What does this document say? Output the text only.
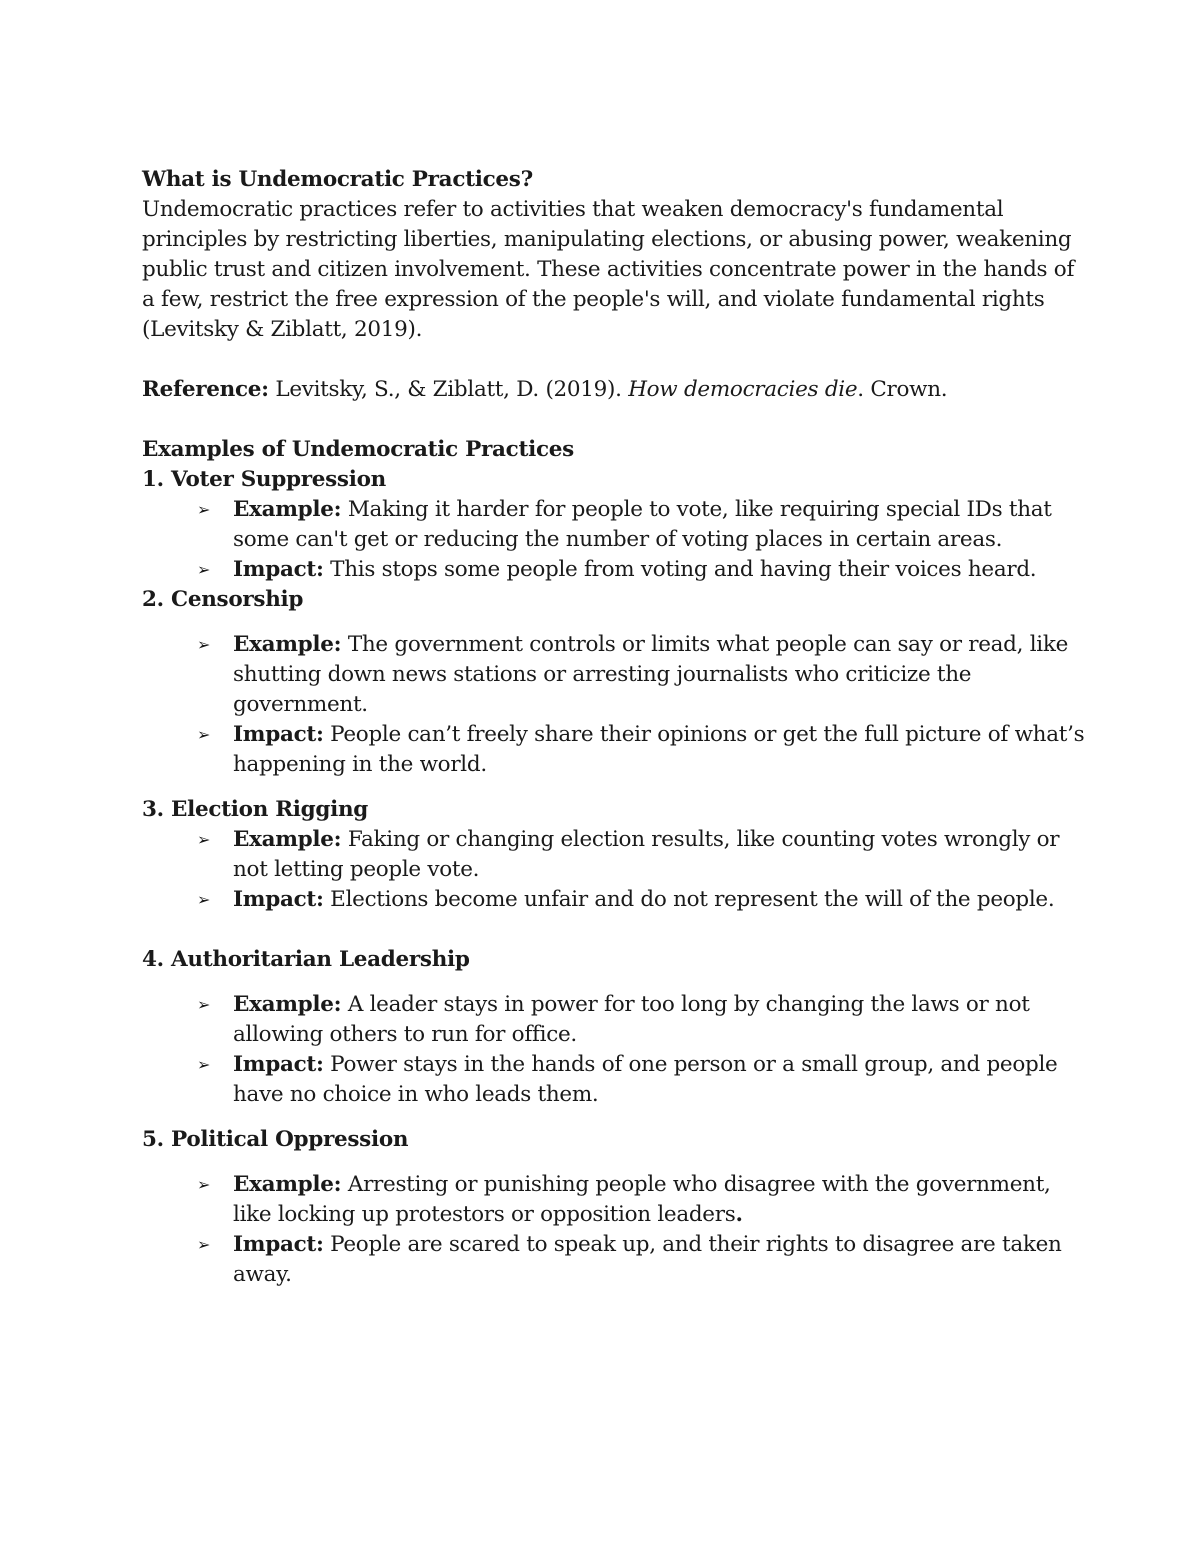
What is Undemocratic Practices?

Undemocratic practices refer to activities that weaken democracy's fundamental principles by restricting liberties, manipulating elections, or abusing power, weakening public trust and citizen involvement. These activities concentrate power in the hands of a few, restrict the free expression of the people's will, and violate fundamental rights (Levitsky & Ziblatt, 2019).

Reference: Levitsky, S., & Ziblatt, D. (2019). How democracies die. Crown.

Examples of Undemocratic Practices

1. Voter Suppression

➢ Example: Making it harder for people to vote, like requiring special IDs that some can't get or reducing the number of voting places in certain areas.
➢ Impact: This stops some people from voting and having their voices heard.

2. Censorship

➢ Example: The government controls or limits what people can say or read, like shutting down news stations or arresting journalists who criticize the government.
➢ Impact: People can’t freely share their opinions or get the full picture of what’s happening in the world.

3. Election Rigging

➢ Example: Faking or changing election results, like counting votes wrongly or not letting people vote.
➢ Impact: Elections become unfair and do not represent the will of the people.

4. Authoritarian Leadership

➢ Example: A leader stays in power for too long by changing the laws or not allowing others to run for office.
➢ Impact: Power stays in the hands of one person or a small group, and people have no choice in who leads them.

5. Political Oppression

➢ Example: Arresting or punishing people who disagree with the government, like locking up protestors or opposition leaders.
➢ Impact: People are scared to speak up, and their rights to disagree are taken away.
